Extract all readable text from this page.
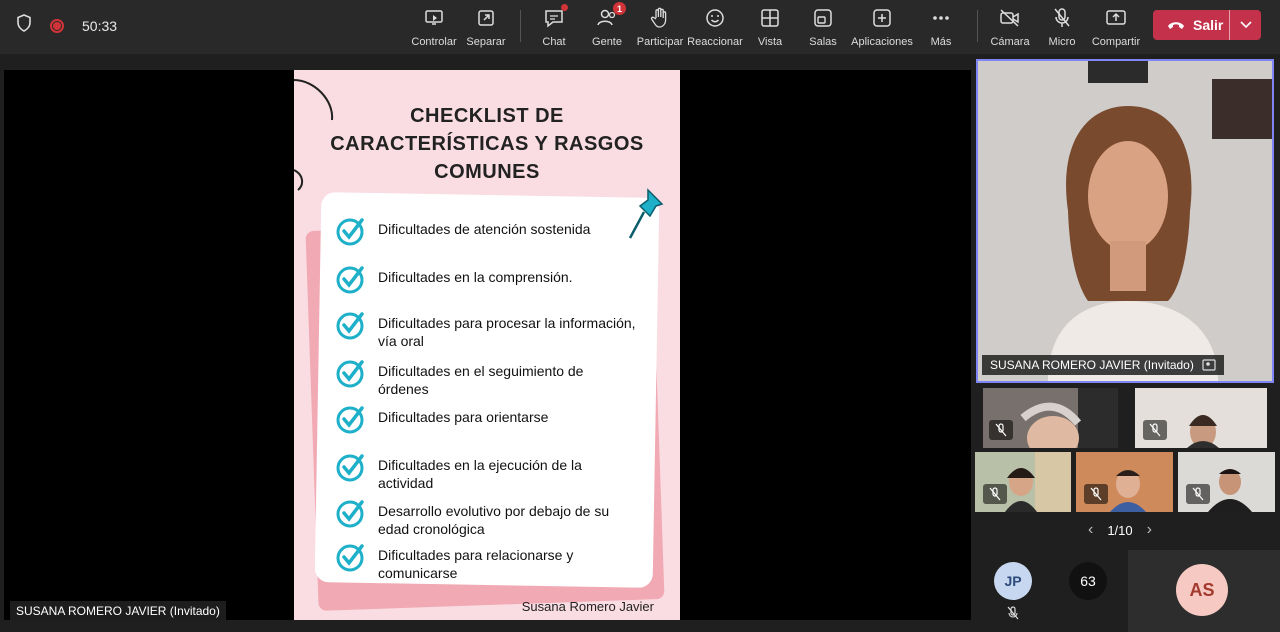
50:33
Controlar Separar	Chat
1
Gente Participar Reaccionar Vista Salas Aplicaciones Más	Cámara Micro Compartir
Salir
CHECKLIST DE
CARACTERÍSTICAS Y RASGOS
COMUNES
Dificultades de atención sostenida
Dificultades en la comprensión.
Dificultades para procesar la información, vía oral
Dificultades en el seguimiento de órdenes
Dificultades para orientarse
Dificultades en la ejecución de la actividad
Desarrollo evolutivo por debajo de su edad cronológica
Dificultades para relacionarse y comunicarse
Susana Romero Javier
SUSANA ROMERO JAVIER (Invitado)
SUSANA ROMERO JAVIER (Invitado)
‹ 1/10 ›
JP	63	AS
